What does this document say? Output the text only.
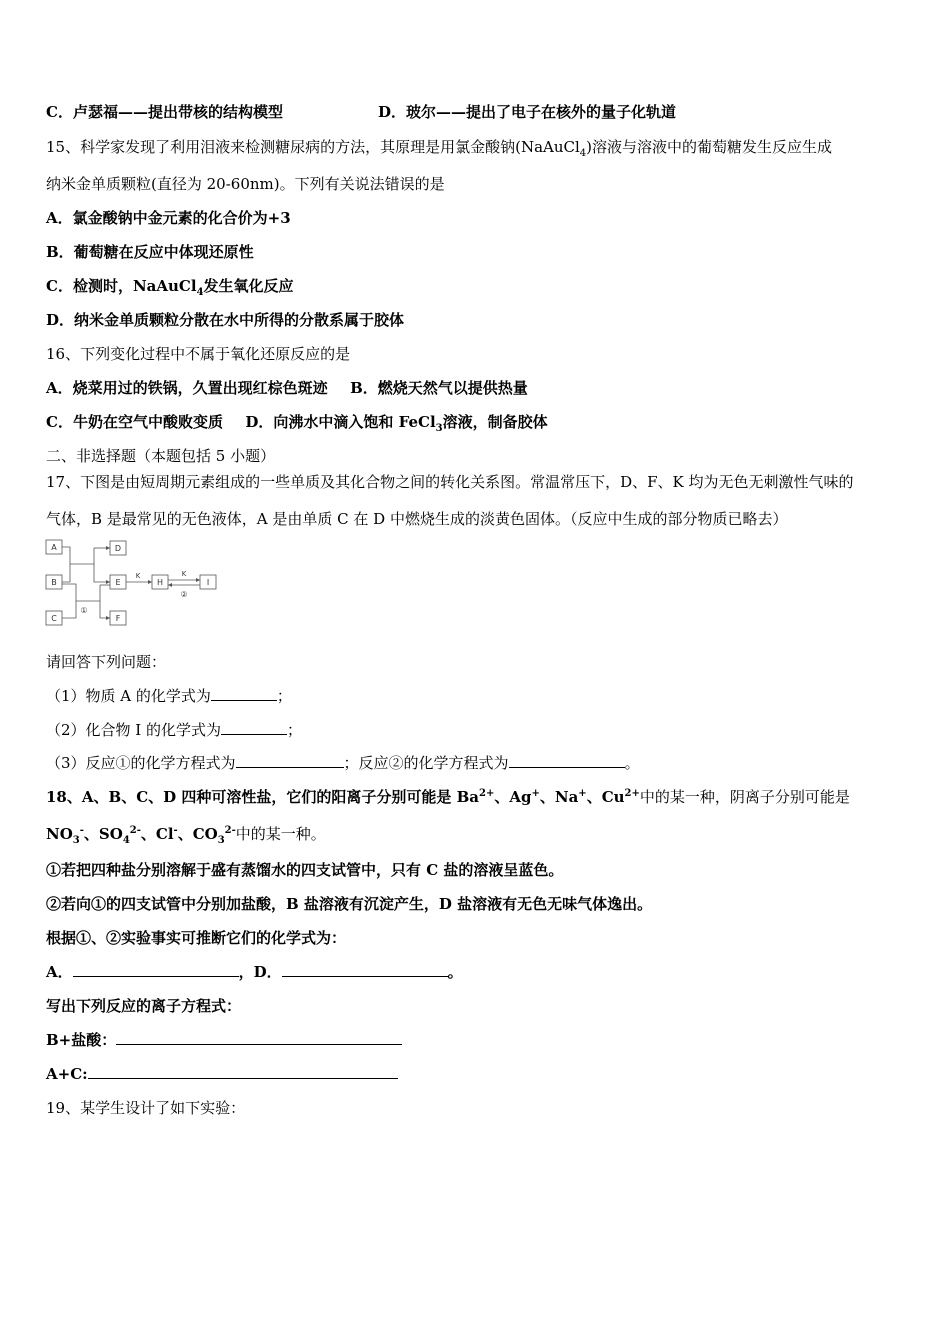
C．卢瑟福——提出带核的结构模型	D．玻尔——提出了电子在核外的量子化轨道
15、科学家发现了利用泪液来检测糖尿病的方法，其原理是用氯金酸钠(NaAuCl$_4$)溶液与溶液中的葡萄糖发生反应生成
纳米金单质颗粒(直径为 20-60nm)。下列有关说法错误的是
A．氯金酸钠中金元素的化合价为+3
B．葡萄糖在反应中体现还原性
C．检测时，NaAuCl$_4$发生氧化反应
D．纳米金单质颗粒分散在水中所得的分散系属于胶体
16、下列变化过程中不属于氧化还原反应的是
A．烧菜用过的铁锅，久置出现红棕色斑迹 B．燃烧天然气以提供热量
C．牛奶在空气中酸败变质 D．向沸水中滴入饱和 FeCl$_3$溶液，制备胶体
二、非选择题（本题包括 5 小题）
17、下图是由短周期元素组成的一些单质及其化合物之间的转化关系图。常温常压下，D、F、K 均为无色无刺激性气味的
气体，B 是最常见的无色液体，A 是由单质 C 在 D 中燃烧生成的淡黄色固体。（反应中生成的部分物质已略去）
A
B
C
D
E
F
H	I
K	K
①
②
请回答下列问题：
（1）物质 A 的化学式为	；
（2）化合物 I 的化学式为	；
（3）反应①的化学方程式为	；反应②的化学方程式为	。
18、A、B、C、D 四种可溶性盐，它们的阳离子分别可能是 $Ba^{2+}$、Ag+、Na+、$Cu^{2+}$中的某一种，阴离子分别可能是
$NO_3^-$、$SO_4^{2-}$、Cl-、$CO_3^{2-}$中的某一种。
①若把四种盐分别溶解于盛有蒸馏水的四支试管中，只有 C 盐的溶液呈蓝色。
②若向①的四支试管中分别加盐酸，B 盐溶液有沉淀产生，D 盐溶液有无色无味气体逸出。
根据①、②实验事实可推断它们的化学式为：
A．	，D．	。
写出下列反应的离子方程式：
B+盐酸：
A+C:
19、某学生设计了如下实验：
